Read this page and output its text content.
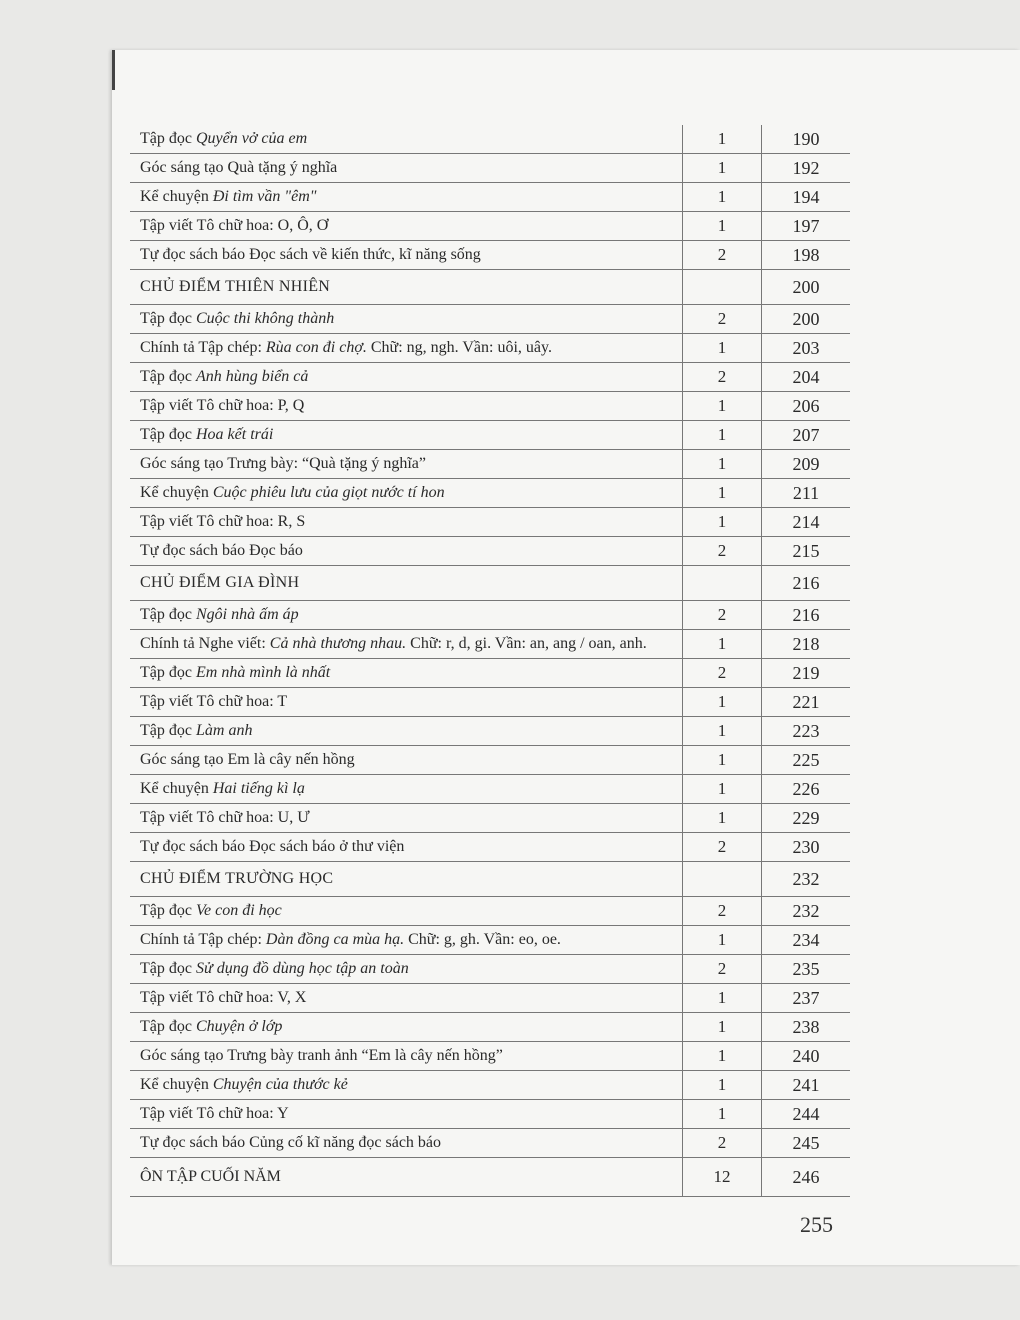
Tập đọc Quyển vở của em	1	190
Góc sáng tạo Quà tặng ý nghĩa	1	192
Kể chuyện Đi tìm vần "êm"	1	194
Tập viết Tô chữ hoa: O, Ô, Ơ	1	197
Tự đọc sách báo Đọc sách về kiến thức, kĩ năng sống	2	198
CHỦ ĐIỂM THIÊN NHIÊN		200
Tập đọc Cuộc thi không thành	2	200
Chính tả Tập chép: Rùa con đi chợ. Chữ: ng, ngh. Vần: uôi, uây.	1	203
Tập đọc Anh hùng biển cả	2	204
Tập viết Tô chữ hoa: P, Q	1	206
Tập đọc Hoa kết trái	1	207
Góc sáng tạo Trưng bày: “Quà tặng ý nghĩa”	1	209
Kể chuyện Cuộc phiêu lưu của giọt nước tí hon	1	211
Tập viết Tô chữ hoa: R, S	1	214
Tự đọc sách báo Đọc báo	2	215
CHỦ ĐIỂM GIA ĐÌNH		216
Tập đọc Ngôi nhà ấm áp	2	216
Chính tả Nghe viết: Cả nhà thương nhau. Chữ: r, d, gi. Vần: an, ang / oan, anh.	1	218
Tập đọc Em nhà mình là nhất	2	219
Tập viết Tô chữ hoa: T	1	221
Tập đọc Làm anh	1	223
Góc sáng tạo Em là cây nến hồng	1	225
Kể chuyện Hai tiếng kì lạ	1	226
Tập viết Tô chữ hoa: U, Ư	1	229
Tự đọc sách báo Đọc sách báo ở thư viện	2	230
CHỦ ĐIỂM TRƯỜNG HỌC		232
Tập đọc Ve con đi học	2	232
Chính tả Tập chép: Dàn đồng ca mùa hạ. Chữ: g, gh. Vần: eo, oe.	1	234
Tập đọc Sử dụng đồ dùng học tập an toàn	2	235
Tập viết Tô chữ hoa: V, X	1	237
Tập đọc Chuyện ở lớp	1	238
Góc sáng tạo Trưng bày tranh ảnh “Em là cây nến hồng”	1	240
Kể chuyện Chuyện của thước kẻ	1	241
Tập viết Tô chữ hoa: Y	1	244
Tự đọc sách báo Củng cố kĩ năng đọc sách báo	2	245
ÔN TẬP CUỐI NĂM	12	246
255
